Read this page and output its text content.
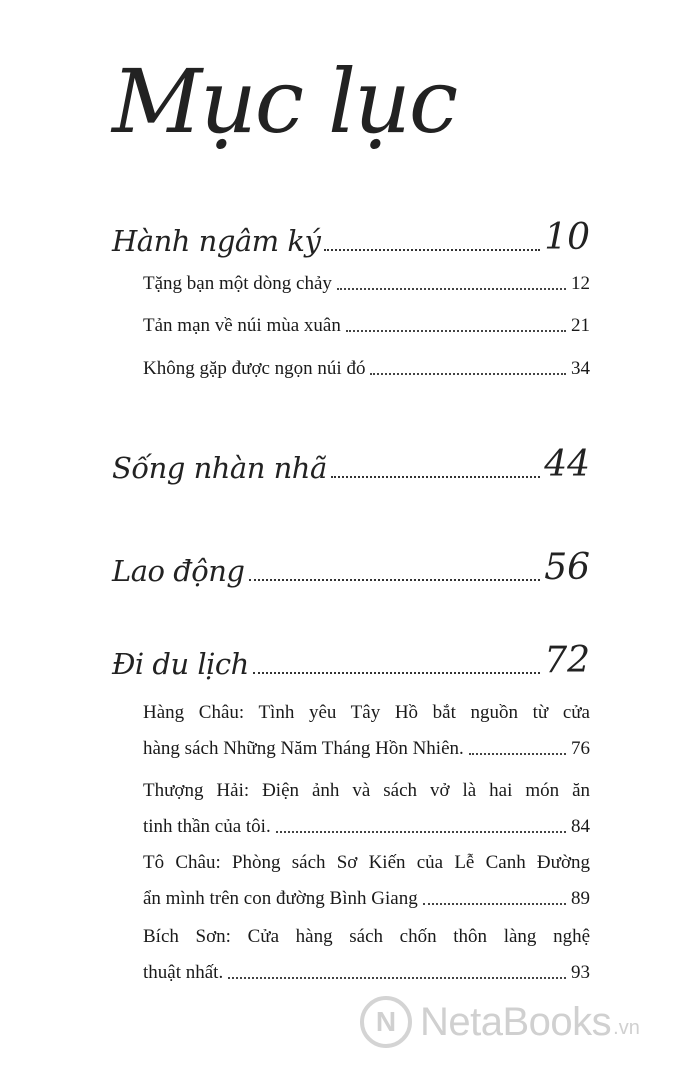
Mục lục
Hành ngâm ký	10
Tặng bạn một dòng chảy	12
Tản mạn về núi mùa xuân	21
Không gặp được ngọn núi đó	34
Sống nhàn nhã	44
Lao động	56
Đi du lịch	72
Hàng Châu: Tình yêu Tây Hồ bắt nguồn từ cửa
hàng sách Những Năm Tháng Hồn Nhiên.	76
Thượng Hải: Điện ảnh và sách vở là hai món ăn
tinh thần của tôi.	84
Tô Châu: Phòng sách Sơ Kiến của Lễ Canh Đường
ẩn mình trên con đường Bình Giang	89
Bích Sơn: Cửa hàng sách chốn thôn làng nghệ
thuật nhất.	93
N NetaBooks .vn
